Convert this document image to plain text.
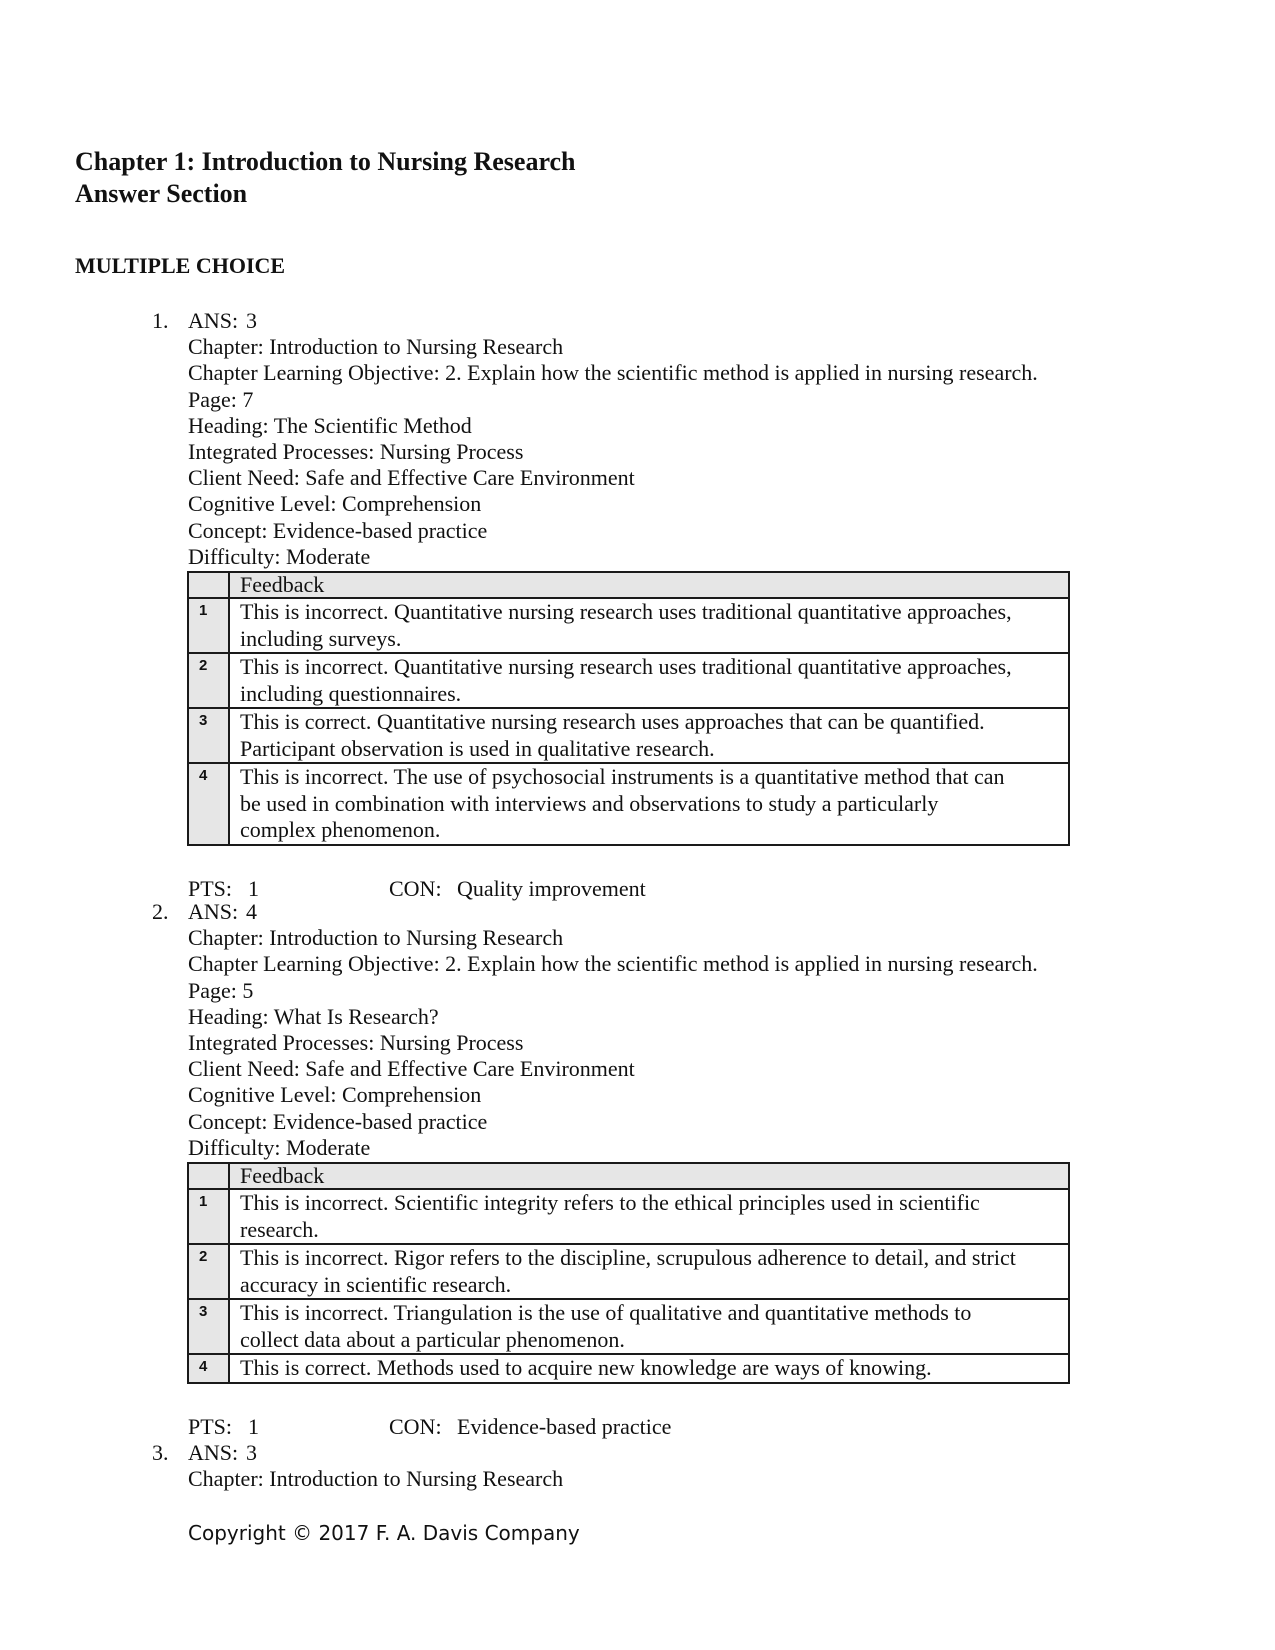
Chapter 1: Introduction to Nursing Research
Answer Section
MULTIPLE CHOICE
1. ANS: 3
Chapter: Introduction to Nursing Research
Chapter Learning Objective: 2. Explain how the scientific method is applied in nursing research.
Page: 7
Heading: The Scientific Method
Integrated Processes: Nursing Process
Client Need: Safe and Effective Care Environment
Cognitive Level: Comprehension
Concept: Evidence-based practice
Difficulty: Moderate
	Feedback
1	This is incorrect. Quantitative nursing research uses traditional quantitative approaches,
including surveys.

2	This is incorrect. Quantitative nursing research uses traditional quantitative approaches,
including questionnaires.

3	This is correct. Quantitative nursing research uses approaches that can be quantified.
Participant observation is used in qualitative research.

4	This is incorrect. The use of psychosocial instruments is a quantitative method that can
be used in combination with interviews and observations to study a particularly
complex phenomenon.
PTS: 1	CON: Quality improvement
2. ANS: 4
Chapter: Introduction to Nursing Research
Chapter Learning Objective: 2. Explain how the scientific method is applied in nursing research.
Page: 5
Heading: What Is Research?
Integrated Processes: Nursing Process
Client Need: Safe and Effective Care Environment
Cognitive Level: Comprehension
Concept: Evidence-based practice
Difficulty: Moderate
	Feedback
1	This is incorrect. Scientific integrity refers to the ethical principles used in scientific
research.

2	This is incorrect. Rigor refers to the discipline, scrupulous adherence to detail, and strict
accuracy in scientific research.

3	This is incorrect. Triangulation is the use of qualitative and quantitative methods to
collect data about a particular phenomenon.

4	This is correct. Methods used to acquire new knowledge are ways of knowing.
PTS: 1	CON: Evidence-based practice
3. ANS: 3
Chapter: Introduction to Nursing Research
Copyright © 2017 F. A. Davis Company
